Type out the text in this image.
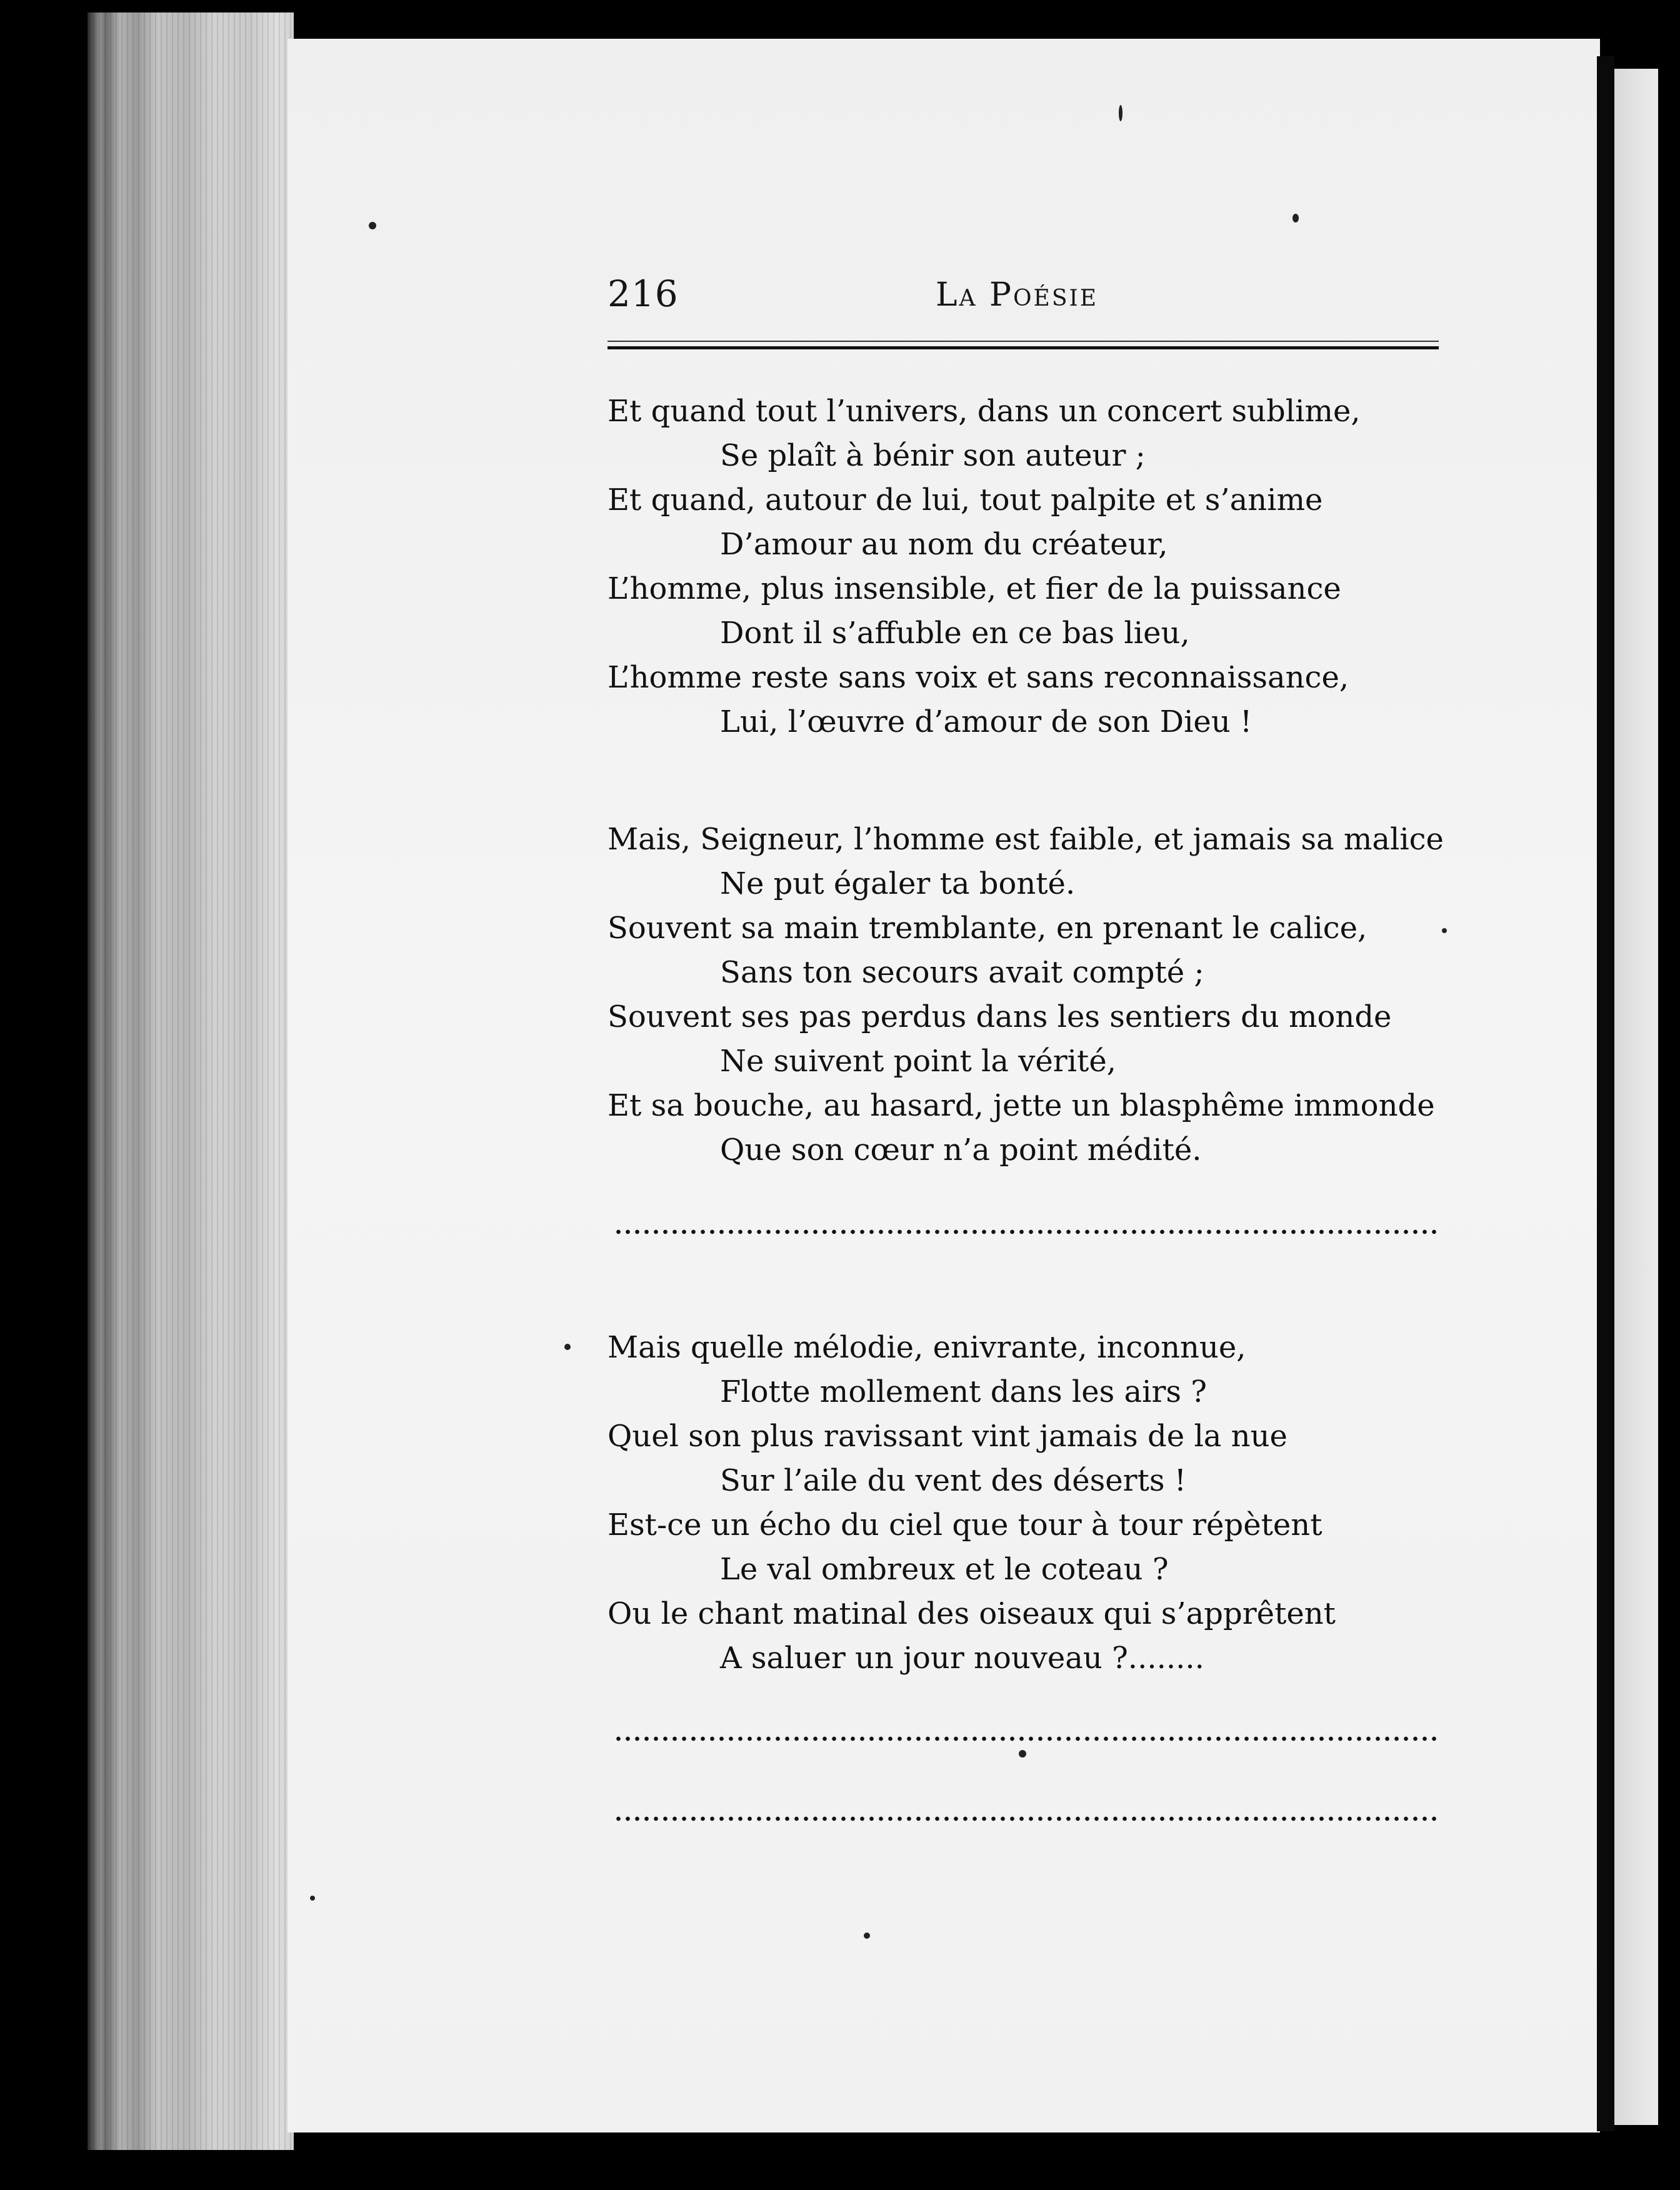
216	La Poésie
Et quand tout l’univers, dans un concert sublime,
Se plaît à bénir son auteur ;
Et quand, autour de lui, tout palpite et s’anime
D’amour au nom du créateur,
L’homme, plus insensible, et fier de la puissance
Dont il s’affuble en ce bas lieu,
L’homme reste sans voix et sans reconnaissance,
Lui, l’œuvre d’amour de son Dieu !
Mais, Seigneur, l’homme est faible, et jamais sa malice
Ne put égaler ta bonté.
Souvent sa main tremblante, en prenant le calice,
Sans ton secours avait compté ;
Souvent ses pas perdus dans les sentiers du monde
Ne suivent point la vérité,
Et sa bouche, au hasard, jette un blasphême immonde
Que son cœur n’a point médité.
Mais quelle mélodie, enivrante, inconnue,
Flotte mollement dans les airs ?
Quel son plus ravissant vint jamais de la nue
Sur l’aile du vent des déserts !
Est-ce un écho du ciel que tour à tour répètent
Le val ombreux et le coteau ?
Ou le chant matinal des oiseaux qui s’apprêtent
A saluer un jour nouveau ?........
